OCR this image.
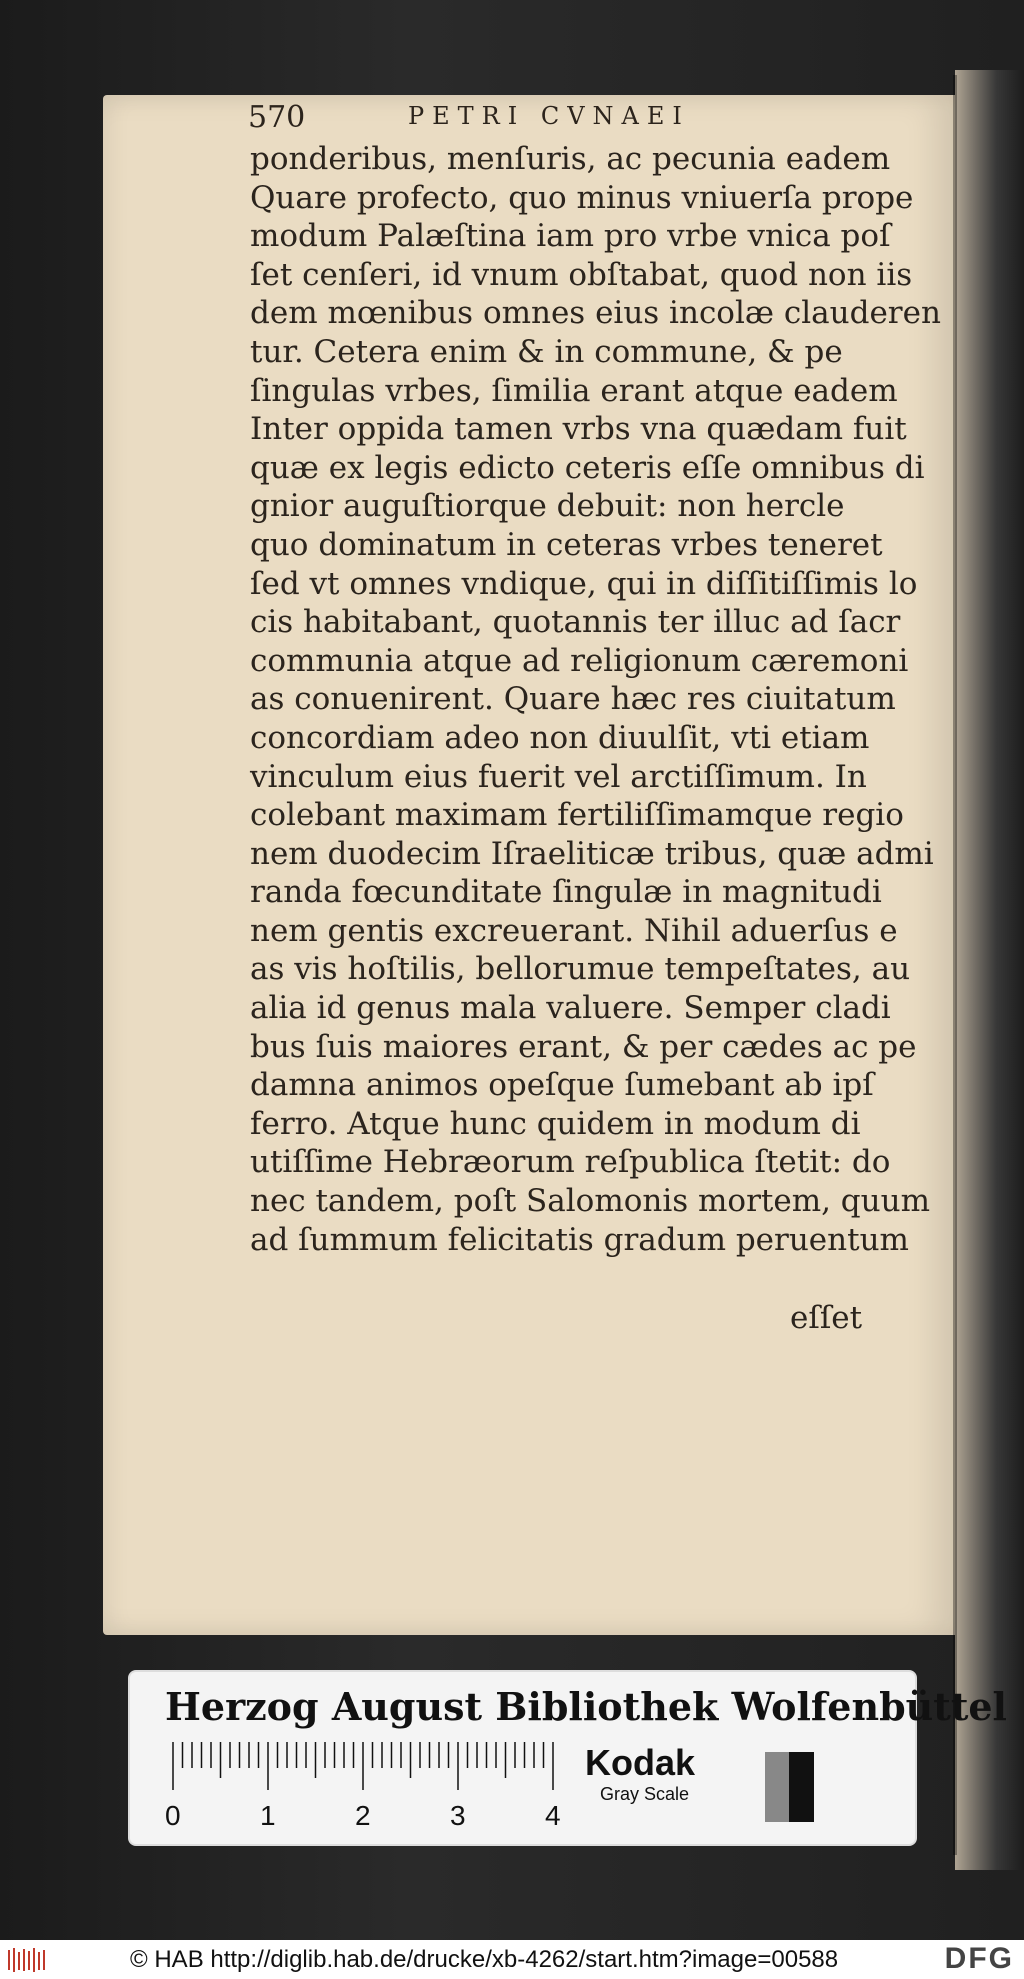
570	PETRI CVNAEI
ponderibus, menſuris, ac pecunia eadem
Quare profecto, quo minus vniuerſa prope
modum Palæſtina iam pro vrbe vnica poſ
ſet cenſeri, id vnum obſtabat, quod non iis
dem mœnibus omnes eius incolæ clauderen
tur. Cetera enim & in commune, & pe
ſingulas vrbes, ſimilia erant atque eadem
Inter oppida tamen vrbs vna quædam fuit
quæ ex legis edicto ceteris eſſe omnibus di
gnior auguſtiorque debuit: non hercle
quo dominatum in ceteras vrbes teneret
ſed vt omnes vndique, qui in diſſitiſſimis lo
cis habitabant, quotannis ter illuc ad ſacr
communia atque ad religionum cæremoni
as conuenirent. Quare hæc res ciuitatum
concordiam adeo non diuulſit, vti etiam
vinculum eius fuerit vel arctiſſimum. In
colebant maximam fertiliſſimamque regio
nem duodecim Iſraeliticæ tribus, quæ admi
randa fœcunditate ſingulæ in magnitudi
nem gentis excreuerant. Nihil aduerſus e
as vis hoſtilis, bellorumue tempeſtates, au
alia id genus mala valuere. Semper cladi
bus ſuis maiores erant, & per cædes ac pe
damna animos opeſque ſumebant ab ipſ
ferro. Atque hunc quidem in modum di
utiſſime Hebræorum reſpublica ſtetit: do
nec tandem, poſt Salomonis mortem, quum
ad ſummum felicitatis gradum peruentum
eſſet
Herzog August Bibliothek Wolfenbüttel
0	1	2	3	4
Kodak
Gray Scale
© HAB http://diglib.hab.de/drucke/xb-4262/start.htm?image=00588	DFG
